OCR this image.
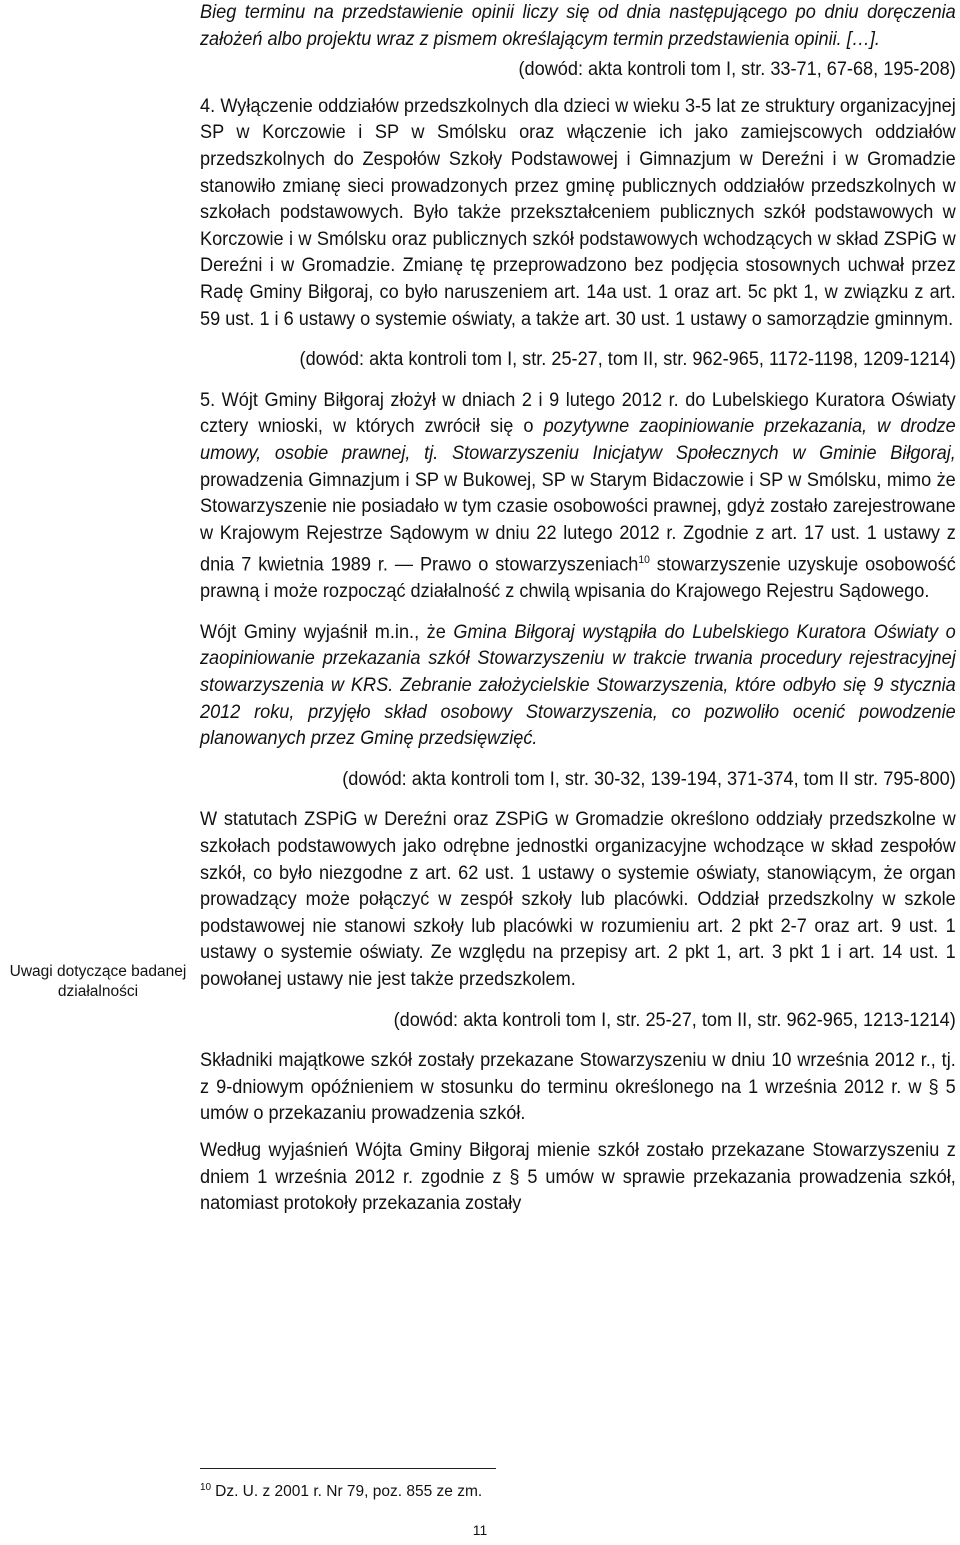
Uwagi dotyczące badanej działalności

Bieg terminu na przedstawienie opinii liczy się od dnia następującego po dniu doręczenia założeń albo projektu wraz z pismem określającym termin przedstawienia opinii. […].

(dowód: akta kontroli tom I, str. 33-71, 67-68, 195-208)

4. Wyłączenie oddziałów przedszkolnych dla dzieci w wieku 3-5 lat ze struktury organizacyjnej SP w Korczowie i SP w Smólsku oraz włączenie ich jako zamiejscowych oddziałów przedszkolnych do Zespołów Szkoły Podstawowej i Gimnazjum w Dereźni i w Gromadzie stanowiło zmianę sieci prowadzonych przez gminę publicznych oddziałów przedszkolnych w szkołach podstawowych. Było także przekształceniem publicznych szkół podstawowych w Korczowie i w Smólsku oraz publicznych szkół podstawowych wchodzących w skład ZSPiG w Dereźni i w Gromadzie. Zmianę tę przeprowadzono bez podjęcia stosownych uchwał przez Radę Gminy Biłgoraj, co było naruszeniem art. 14a ust. 1 oraz art. 5c pkt 1, w związku z art. 59 ust. 1 i 6 ustawy o systemie oświaty, a także art. 30 ust. 1 ustawy o samorządzie gminnym.

(dowód: akta kontroli tom I, str. 25-27, tom II, str. 962-965, 1172-1198, 1209-1214)

5. Wójt Gminy Biłgoraj złożył w dniach 2 i 9 lutego 2012 r. do Lubelskiego Kuratora Oświaty cztery wnioski, w których zwrócił się o pozytywne zaopiniowanie przekazania, w drodze umowy, osobie prawnej, tj. Stowarzyszeniu Inicjatyw Społecznych w Gminie Biłgoraj, prowadzenia Gimnazjum i SP w Bukowej, SP w Starym Bidaczowie i SP w Smólsku, mimo że Stowarzyszenie nie posiadało w tym czasie osobowości prawnej, gdyż zostało zarejestrowane w Krajowym Rejestrze Sądowym w dniu 22 lutego 2012 r. Zgodnie z art. 17 ust. 1 ustawy z dnia 7 kwietnia 1989 r. — Prawo o stowarzyszeniach$^{10}$ stowarzyszenie uzyskuje osobowość prawną i może rozpocząć działalność z chwilą wpisania do Krajowego Rejestru Sądowego.

Wójt Gminy wyjaśnił m.in., że Gmina Biłgoraj wystąpiła do Lubelskiego Kuratora Oświaty o zaopiniowanie przekazania szkół Stowarzyszeniu w trakcie trwania procedury rejestracyjnej stowarzyszenia w KRS. Zebranie założycielskie Stowarzyszenia, które odbyło się 9 stycznia 2012 roku, przyjęło skład osobowy Stowarzyszenia, co pozwoliło ocenić powodzenie planowanych przez Gminę przedsięwzięć.

(dowód: akta kontroli tom I, str. 30-32, 139-194, 371-374, tom II str. 795-800)

W statutach ZSPiG w Dereźni oraz ZSPiG w Gromadzie określono oddziały przedszkolne w szkołach podstawowych jako odrębne jednostki organizacyjne wchodzące w skład zespołów szkół, co było niezgodne z art. 62 ust. 1 ustawy o systemie oświaty, stanowiącym, że organ prowadzący może połączyć w zespół szkoły lub placówki. Oddział przedszkolny w szkole podstawowej nie stanowi szkoły lub placówki w rozumieniu art. 2 pkt 2-7 oraz art. 9 ust. 1 ustawy o systemie oświaty. Ze względu na przepisy art. 2 pkt 1, art. 3 pkt 1 i art. 14 ust. 1 powołanej ustawy nie jest także przedszkolem.

(dowód: akta kontroli tom I, str. 25-27, tom II, str. 962-965, 1213-1214)

Składniki majątkowe szkół zostały przekazane Stowarzyszeniu w dniu 10 września 2012 r., tj. z 9-dniowym opóźnieniem w stosunku do terminu określonego na 1 września 2012 r. w § 5 umów o przekazaniu prowadzenia szkół.

Według wyjaśnień Wójta Gminy Biłgoraj mienie szkół zostało przekazane Stowarzyszeniu z dniem 1 września 2012 r. zgodnie z § 5 umów w sprawie przekazania prowadzenia szkół, natomiast protokoły przekazania zostały

$^{10}$ Dz. U. z 2001 r. Nr 79, poz. 855 ze zm.
11
